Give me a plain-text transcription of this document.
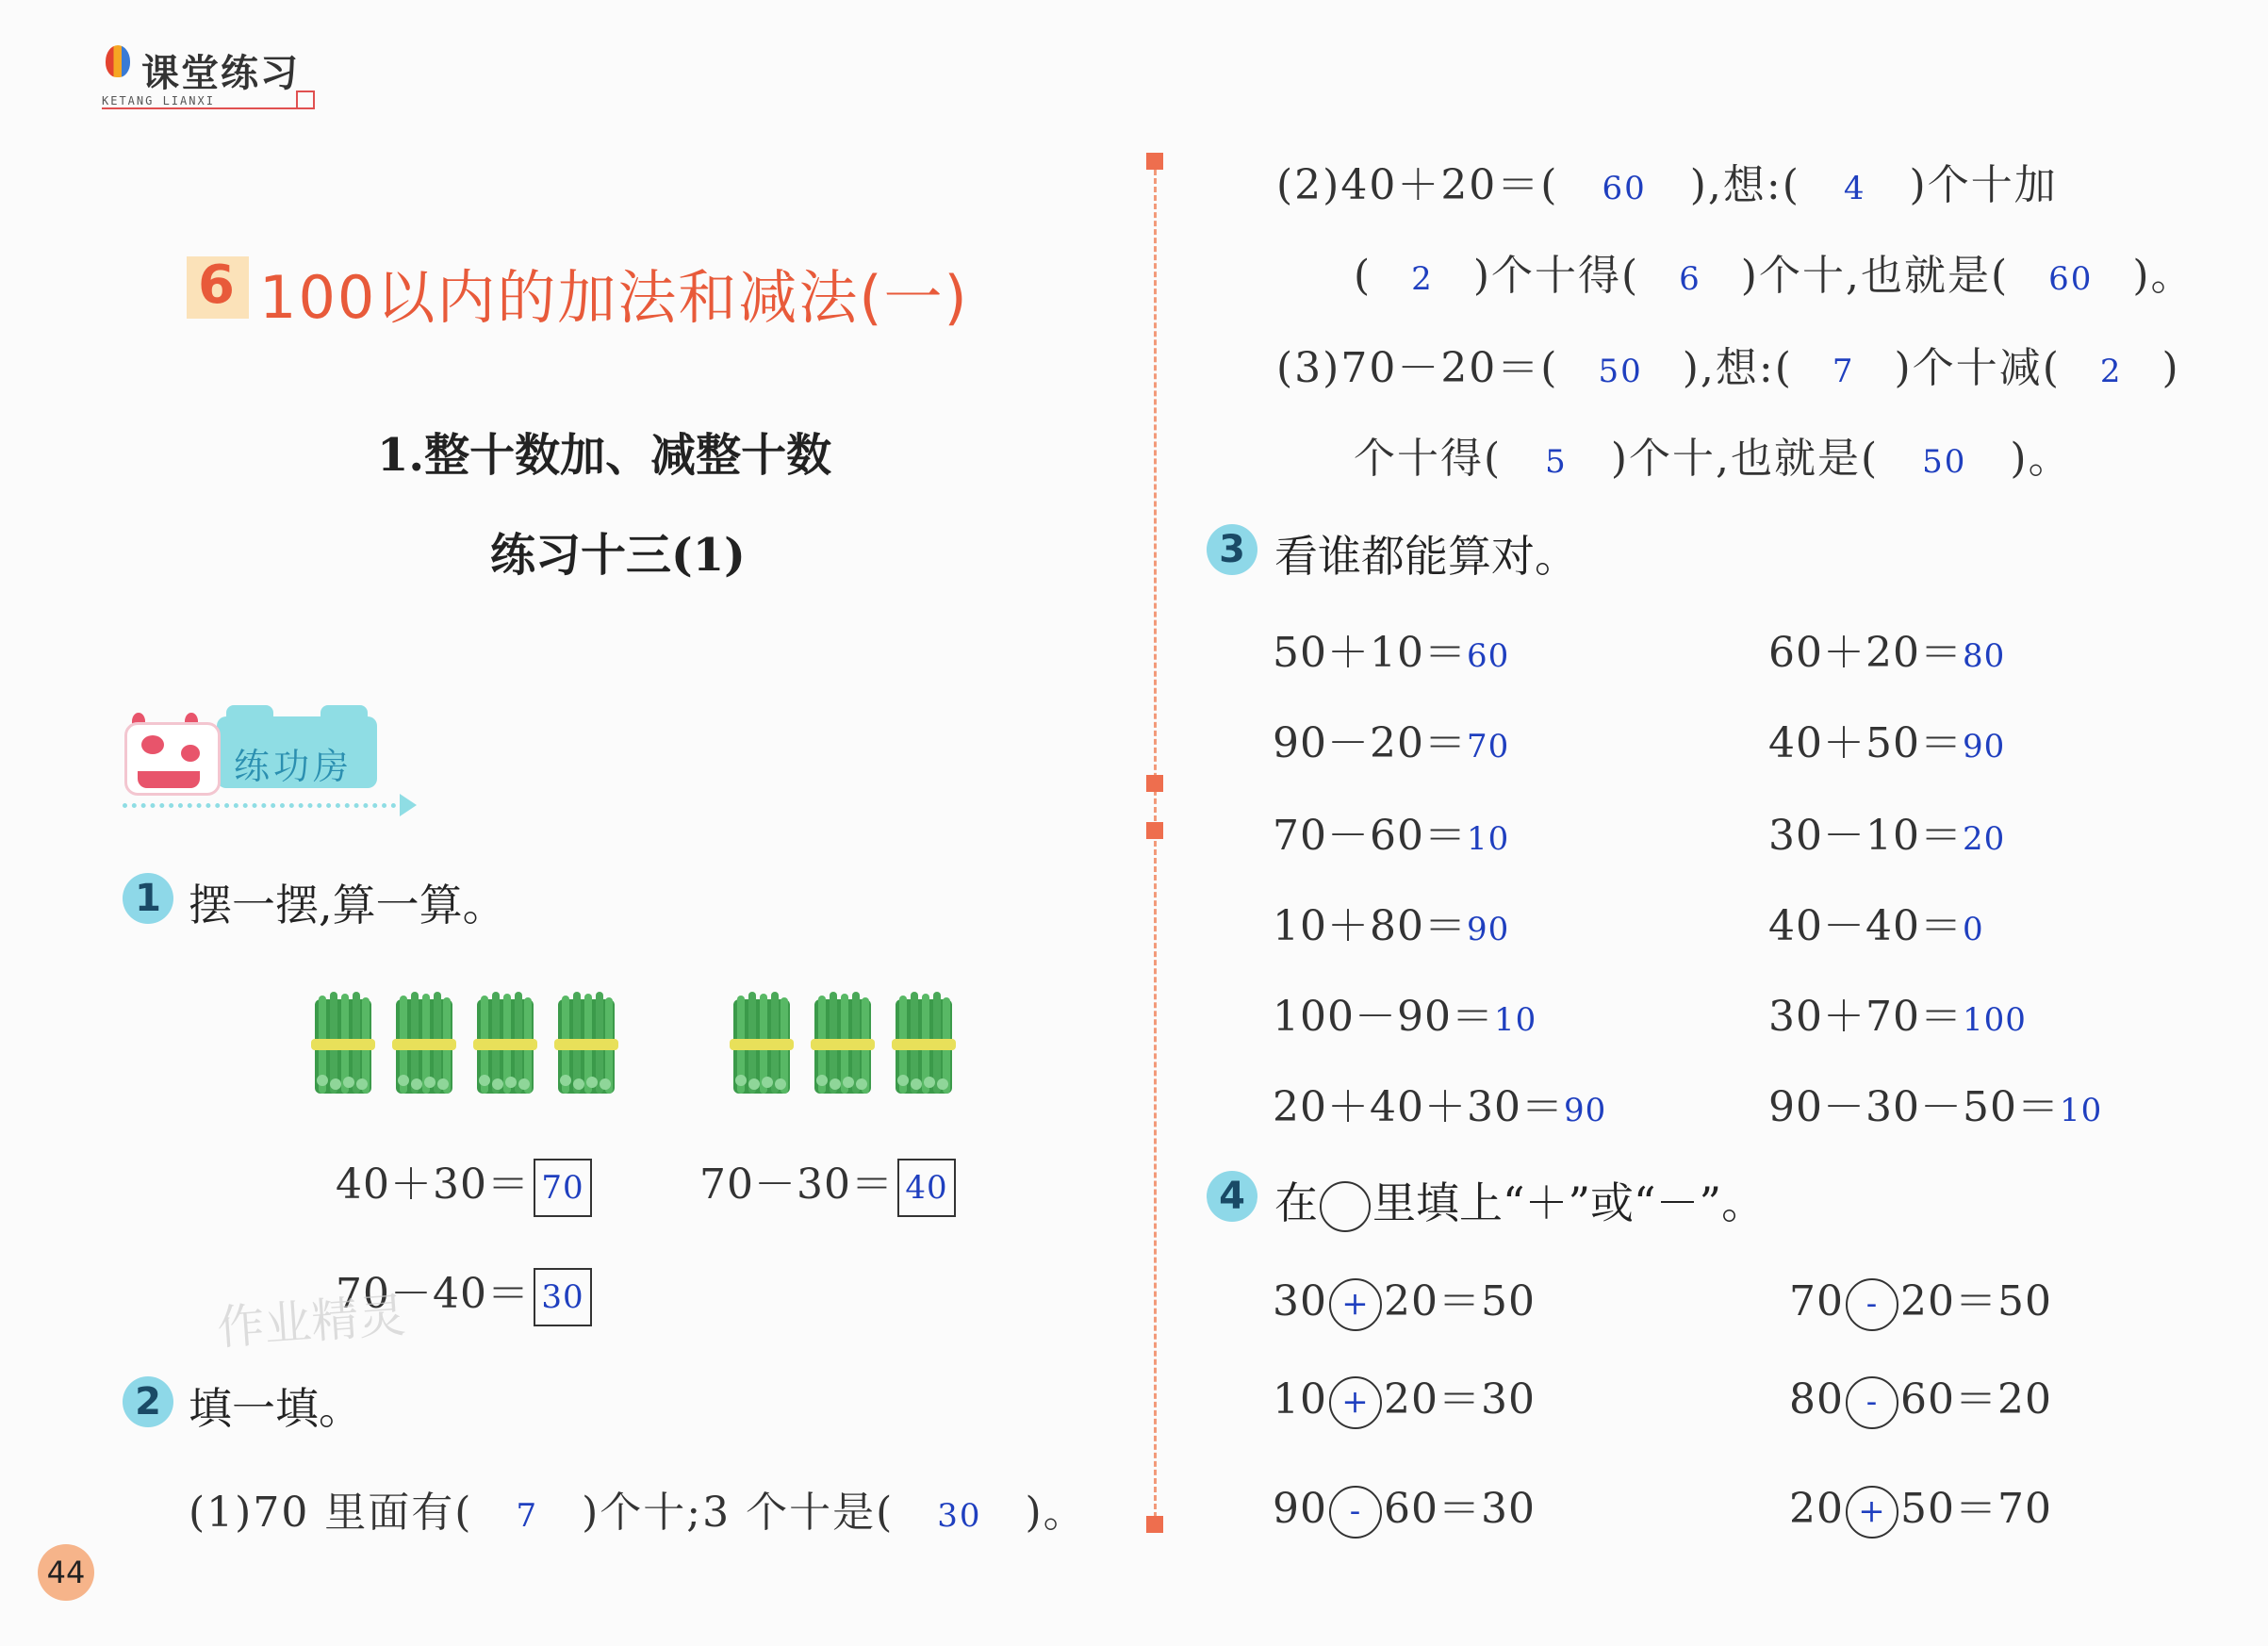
课堂练习
KETANG LIANXI
6 100以内的加法和减法(一)
1.整十数加、减整十数
练习十三(1)
练功房
1 摆一摆,算一算。
40＋30＝ 70	70－30＝ 40
70－40＝ 30
作业精灵
2 填一填。
(1)70 里面有( 7 )个十;3 个十是( 30 )。
(2)40＋20＝( 60 ),想:( 4 )个十加
( 2 )个十得( 6 )个十,也就是( 60 )。
(3)70－20＝( 50 ),想:( 7 )个十减( 2 )
个十得( 5 )个十,也就是( 50 )。
3 看谁都能算对。
50＋10＝60	60＋20＝80
90－20＝70	40＋50＝90
70－60＝10	30－10＝20
10＋80＝90	40－40＝0
100－90＝10	30＋70＝100
20＋40＋30＝90	90－30－50＝10
4 在 里填上“＋”或“－”。
30 + 20＝50	70 - 20＝50
10 + 20＝30	80 - 60＝20
90 - 60＝30	20 + 50＝70
44
